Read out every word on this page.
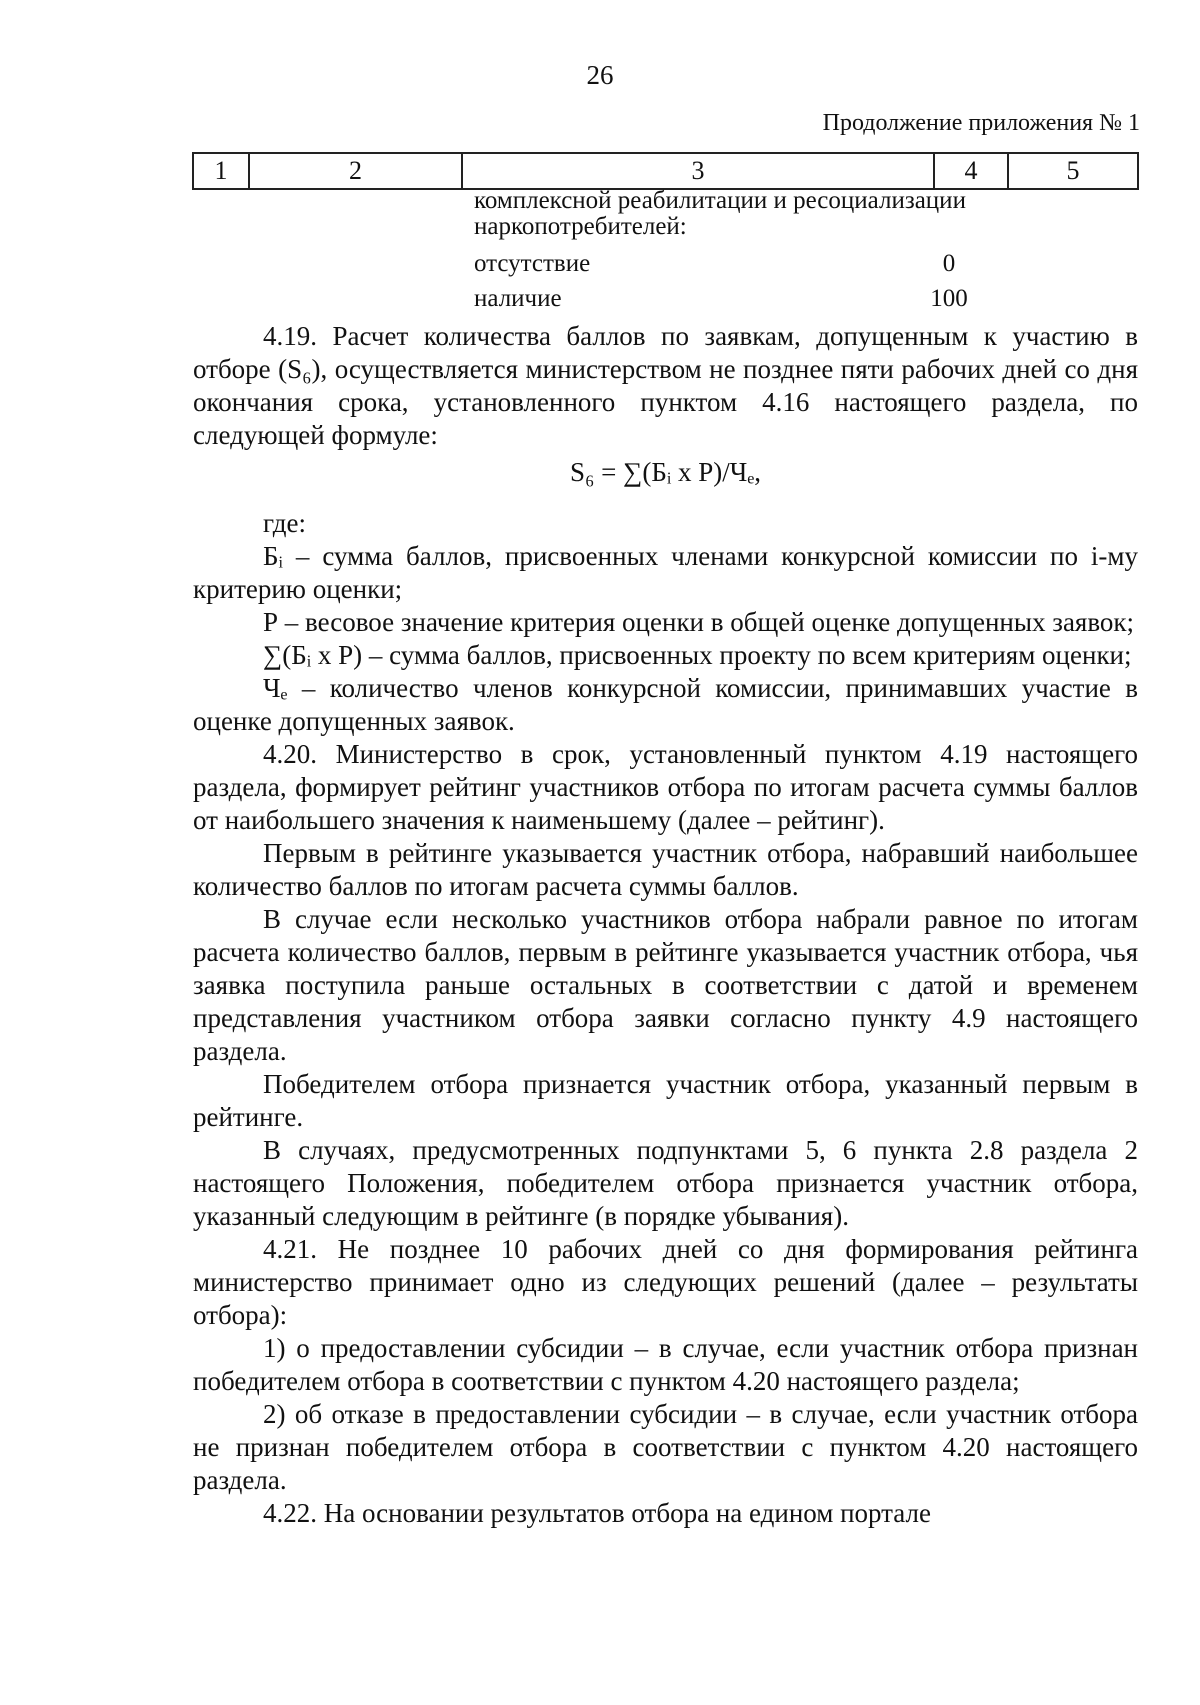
26
Продолжение приложения № 1
1	2	3	4	5
комплексной реабилитации и ресоциализации наркопотребителей:
отсутствие	0
наличие	100

4.19. Расчет количества баллов по заявкам, допущенным к участию в отборе (S₆), осуществляется министерством не позднее пяти рабочих дней со дня окончания срока, установленного пунктом 4.16 настоящего раздела, по следующей формуле:

S₆ = ∑(Бᵢ x Р)/Чₑ,

где:

Бᵢ – сумма баллов, присвоенных членами конкурсной комиссии по i-му критерию оценки;

Р – весовое значение критерия оценки в общей оценке допущенных заявок;

∑(Бᵢ x Р) – сумма баллов, присвоенных проекту по всем критериям оценки;

Чₑ – количество членов конкурсной комиссии, принимавших участие в оценке допущенных заявок.

4.20. Министерство в срок, установленный пунктом 4.19 настоящего раздела, формирует рейтинг участников отбора по итогам расчета суммы баллов от наибольшего значения к наименьшему (далее – рейтинг).

Первым в рейтинге указывается участник отбора, набравший наибольшее количество баллов по итогам расчета суммы баллов.

В случае если несколько участников отбора набрали равное по итогам расчета количество баллов, первым в рейтинге указывается участник отбора, чья заявка поступила раньше остальных в соответствии с датой и временем представления участником отбора заявки согласно пункту 4.9 настоящего раздела.

Победителем отбора признается участник отбора, указанный первым в рейтинге.

В случаях, предусмотренных подпунктами 5, 6 пункта 2.8 раздела 2 настоящего Положения, победителем отбора признается участник отбора, указанный следующим в рейтинге (в порядке убывания).

4.21. Не позднее 10 рабочих дней со дня формирования рейтинга министерство принимает одно из следующих решений (далее – результаты отбора):

1) о предоставлении субсидии – в случае, если участник отбора признан победителем отбора в соответствии с пунктом 4.20 настоящего раздела;

2) об отказе в предоставлении субсидии – в случае, если участник отбора не признан победителем отбора в соответствии с пунктом 4.20 настоящего раздела.

4.22. На основании результатов отбора на едином портале
